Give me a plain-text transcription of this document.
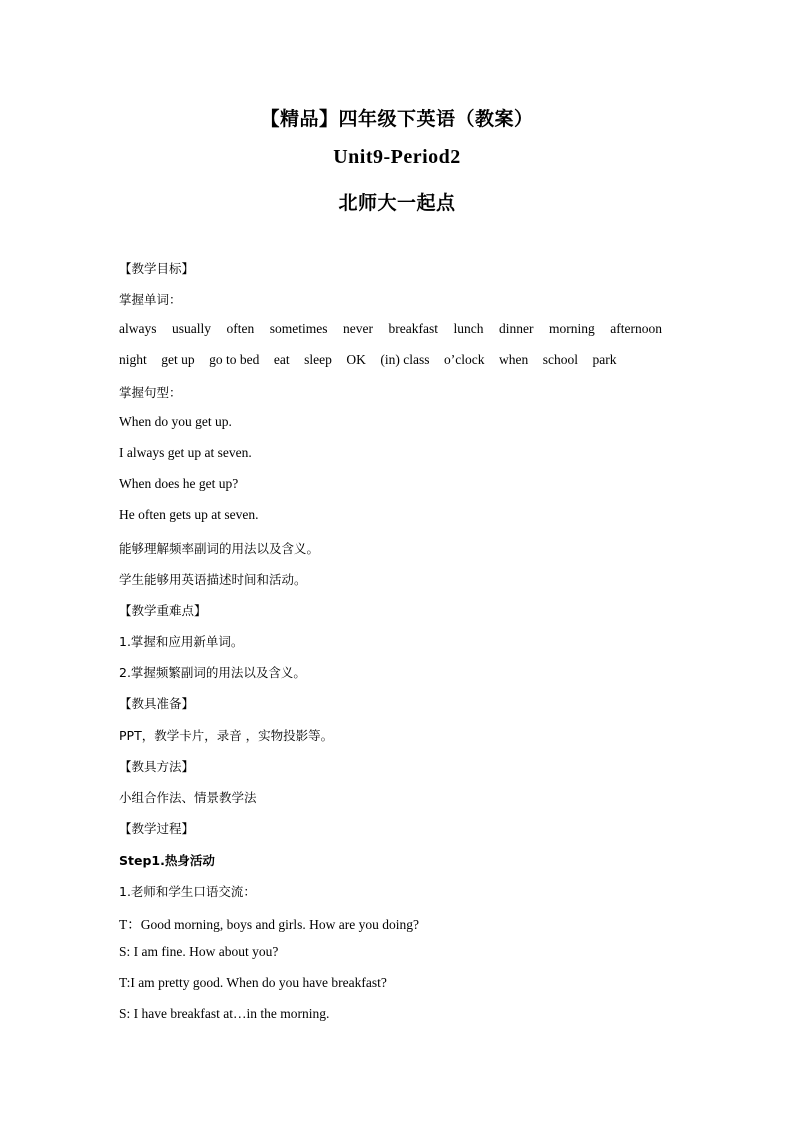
【精品】四年级下英语（教案）
Unit9-Period2
北师大一起点
【教学目标】
掌握单词：
always usually often sometimes never breakfast lunch dinner morning afternoon
night get up go to bed eat sleep OK (in) class o’clock when school park
掌握句型：
When do you get up.
I always get up at seven.
When does he get up?
He often gets up at seven.
能够理解频率副词的用法以及含义。
学生能够用英语描述时间和活动。
【教学重难点】
1.掌握和应用新单词。
2.掌握频繁副词的用法以及含义。
【教具准备】
PPT，教学卡片，录音 ，实物投影等。
【教具方法】
小组合作法、情景教学法
【教学过程】
Step1.热身活动
1.老师和学生口语交流：
T：Good morning, boys and girls. How are you doing?
S: I am fine. How about you?
T:I am pretty good. When do you have breakfast?
S: I have breakfast at…in the morning.
